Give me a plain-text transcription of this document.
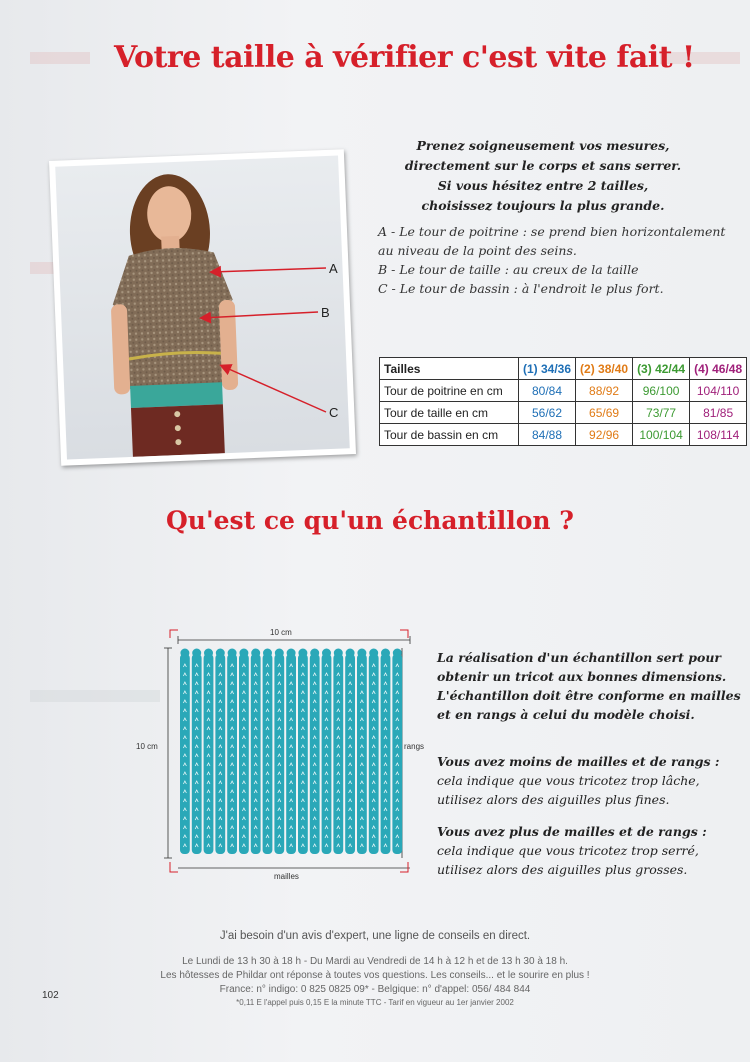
Votre taille à vérifier c'est vite fait !
A
B
C
Prenez soigneusement vos mesures,
directement sur le corps et sans serrer.
Si vous hésitez entre 2 tailles,
choisissez toujours la plus grande.
A - Le tour de poitrine : se prend bien horizontalement
au niveau de la point des seins.
B - Le tour de taille : au creux de la taille
C - Le tour de bassin : à l'endroit le plus fort.
Tailles	(1) 34/36	(2) 38/40	(3) 42/44	(4) 46/48
Tour de poitrine en cm	80/84	88/92	96/100	104/110
Tour de taille en cm	56/62	65/69	73/77	81/85
Tour de bassin en cm	84/88	92/96	100/104	108/114
Qu'est ce qu'un échantillon ?
10 cm
10 cm	rangs
mailles
La réalisation d'un échantillon sert pour
obtenir un tricot aux bonnes dimensions.
L'échantillon doit être conforme en mailles
et en rangs à celui du modèle choisi.
Vous avez moins de mailles et de rangs :
cela indique que vous tricotez trop lâche,
utilisez alors des aiguilles plus fines.
Vous avez plus de mailles et de rangs :
cela indique que vous tricotez trop serré,
utilisez alors des aiguilles plus grosses.
J'ai besoin d'un avis d'expert, une ligne de conseils en direct.
Le Lundi de 13 h 30 à 18 h - Du Mardi au Vendredi de 14 h à 12 h et de 13 h 30 à 18 h.
Les hôtesses de Phildar ont réponse à toutes vos questions. Les conseils... et le sourire en plus !
France: n° indigo: 0 825 0825 09* - Belgique: n° d'appel: 056/ 484 844
*0,11 E l'appel puis 0,15 E la minute TTC - Tarif en vigueur au 1er janvier 2002
102
